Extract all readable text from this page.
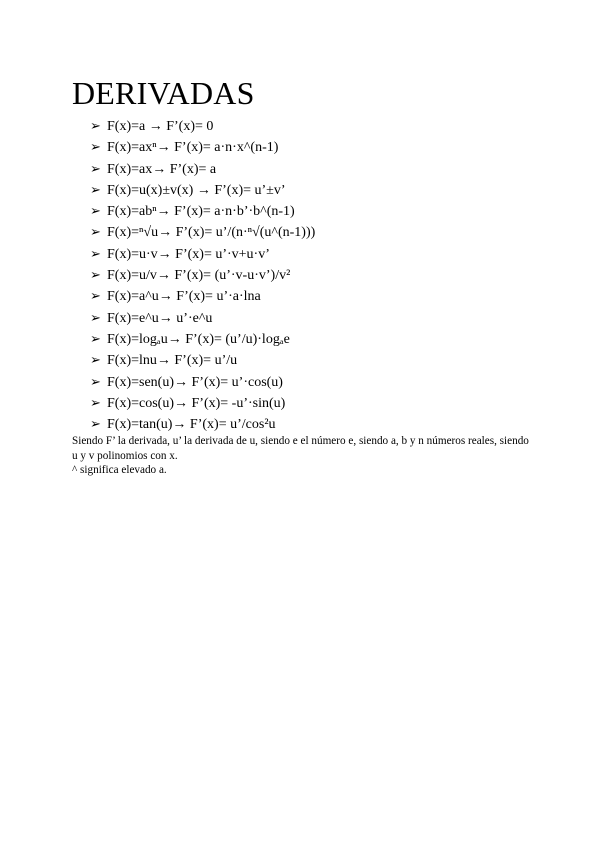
DERIVADAS
➢ F(x)=a → F’(x)= 0
➢ F(x)=axⁿ→ F’(x)= a·n·x^(n-1)
➢ F(x)=ax→ F’(x)= a
➢ F(x)=u(x)±v(x) → F’(x)= u’±v’
➢ F(x)=abⁿ→ F’(x)= a·n·b’·b^(n-1)
➢ F(x)=ⁿ√u→ F’(x)= u’/(n·ⁿ√(u^(n-1)))
➢ F(x)=u·v→ F’(x)= u’·v+u·v’
➢ F(x)=u/v→ F’(x)= (u’·v-u·v’)/v²
➢ F(x)=a^u→ F’(x)= u’·a·lna
➢ F(x)=e^u→ u’·e^u
➢ F(x)=logₐu→ F’(x)= (u’/u)·logₐe
➢ F(x)=lnu→ F’(x)= u’/u
➢ F(x)=sen(u)→ F’(x)= u’·cos(u)
➢ F(x)=cos(u)→ F’(x)= -u’·sin(u)
➢ F(x)=tan(u)→ F’(x)= u’/cos²u
Siendo F’ la derivada, u’ la derivada de u, siendo e el número e, siendo a, b y n números reales, siendo u y v polinomios con x.
^ significa elevado a.
